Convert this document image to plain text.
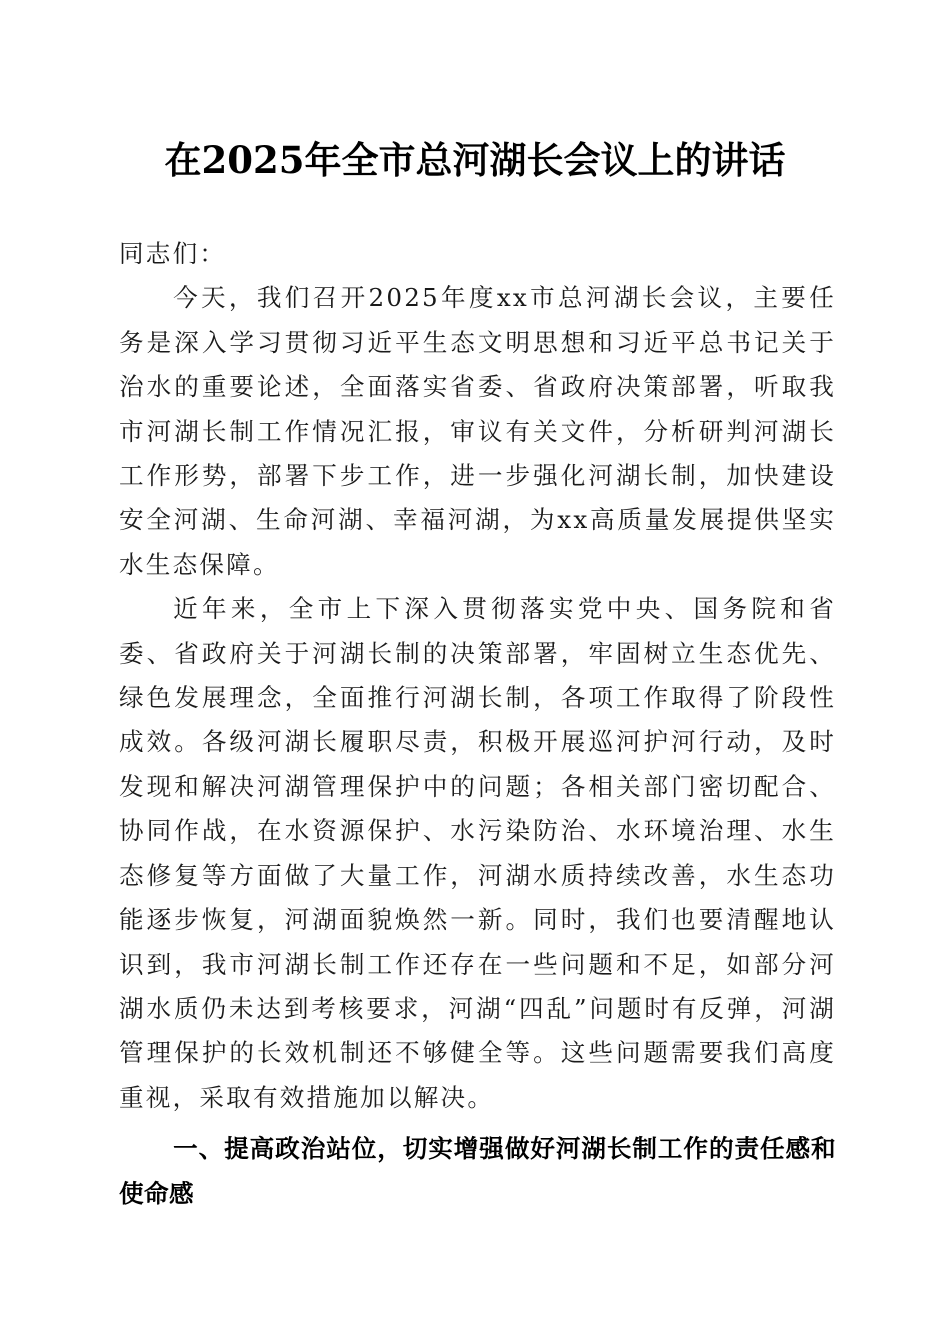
在2025年全市总河湖长会议上的讲话

同志们：

今天，我们召开2025年度xx市总河湖长会议，主要任务是深入学习贯彻习近平生态文明思想和习近平总书记关于治水的重要论述，全面落实省委、省政府决策部署，听取我市河湖长制工作情况汇报，审议有关文件，分析研判河湖长工作形势，部署下步工作，进一步强化河湖长制，加快建设安全河湖、生命河湖、幸福河湖，为xx高质量发展提供坚实水生态保障。

近年来，全市上下深入贯彻落实党中央、国务院和省委、省政府关于河湖长制的决策部署，牢固树立生态优先、绿色发展理念，全面推行河湖长制，各项工作取得了阶段性成效。各级河湖长履职尽责，积极开展巡河护河行动，及时发现和解决河湖管理保护中的问题；各相关部门密切配合、协同作战，在水资源保护、水污染防治、水环境治理、水生态修复等方面做了大量工作，河湖水质持续改善，水生态功能逐步恢复，河湖面貌焕然一新。同时，我们也要清醒地认识到，我市河湖长制工作还存在一些问题和不足，如部分河湖水质仍未达到考核要求，河湖“四乱”问题时有反弹，河湖管理保护的长效机制还不够健全等。这些问题需要我们高度重视，采取有效措施加以解决。

一、提高政治站位，切实增强做好河湖长制工作的责任感和使命感
